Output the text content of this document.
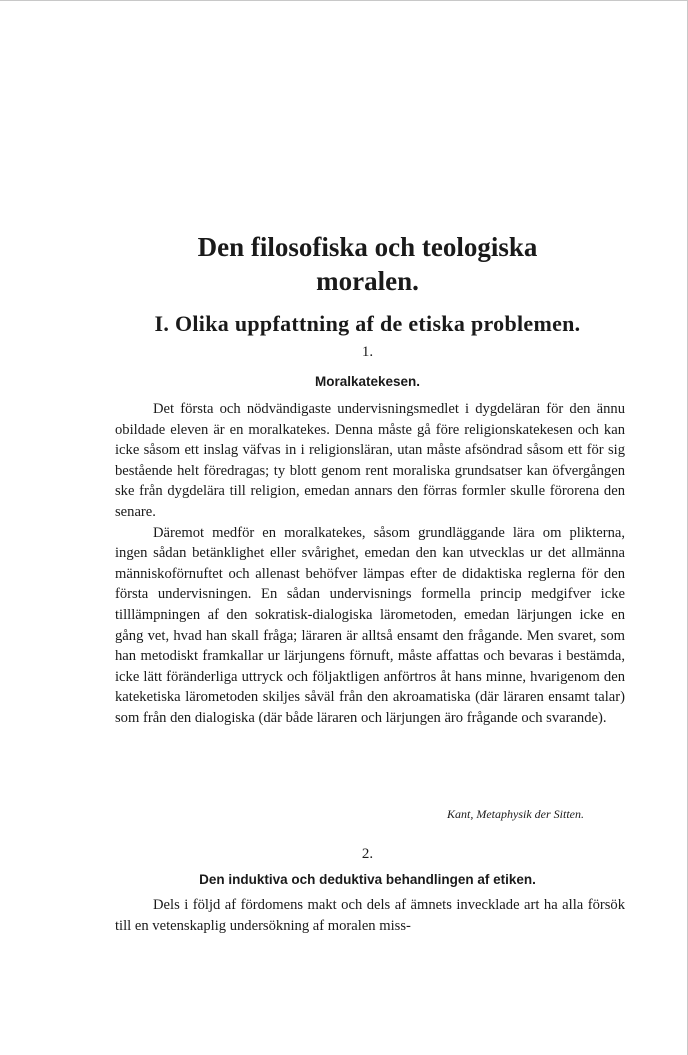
Den filosofiska och teologiska
moralen.
I. Olika uppfattning af de etiska problemen.
1.
Moralkatekesen.

Det första och nödvändigaste undervisningsmedlet i dygdeläran för den ännu obildade eleven är en moralkatekes. Denna måste gå före religionskatekesen och kan icke såsom ett inslag väfvas in i religionsläran, utan måste afsöndrad såsom ett för sig bestående helt föredragas; ty blott genom rent moraliska grundsatser kan öfvergången ske från dygdelära till religion, emedan annars den förras formler skulle förorena den senare.

Däremot medför en moralkatekes, såsom grundläggande lära om plikterna, ingen sådan betänklighet eller svårighet, emedan den kan utvecklas ur det allmänna människoförnuftet och allenast behöfver lämpas efter de didaktiska reglerna för den första undervisningen. En sådan undervisnings formella princip medgifver icke tilllämpningen af den sokratisk-dialogiska lärometoden, emedan lärjungen icke en gång vet, hvad han skall fråga; läraren är alltså ensamt den frågande. Men svaret, som han metodiskt framkallar ur lärjungens förnuft, måste affattas och bevaras i bestämda, icke lätt föränderliga uttryck och följaktligen anförtros åt hans minne, hvarigenom den kateketiska lärometoden skiljes såväl från den akroamatiska (där läraren ensamt talar) som från den dialogiska (där både läraren och lärjungen äro frågande och svarande).

Kant, Metaphysik der Sitten.
2.
Den induktiva och deduktiva behandlingen af etiken.

Dels i följd af fördomens makt och dels af ämnets invecklade art ha alla försök till en vetenskaplig undersökning af moralen miss-
